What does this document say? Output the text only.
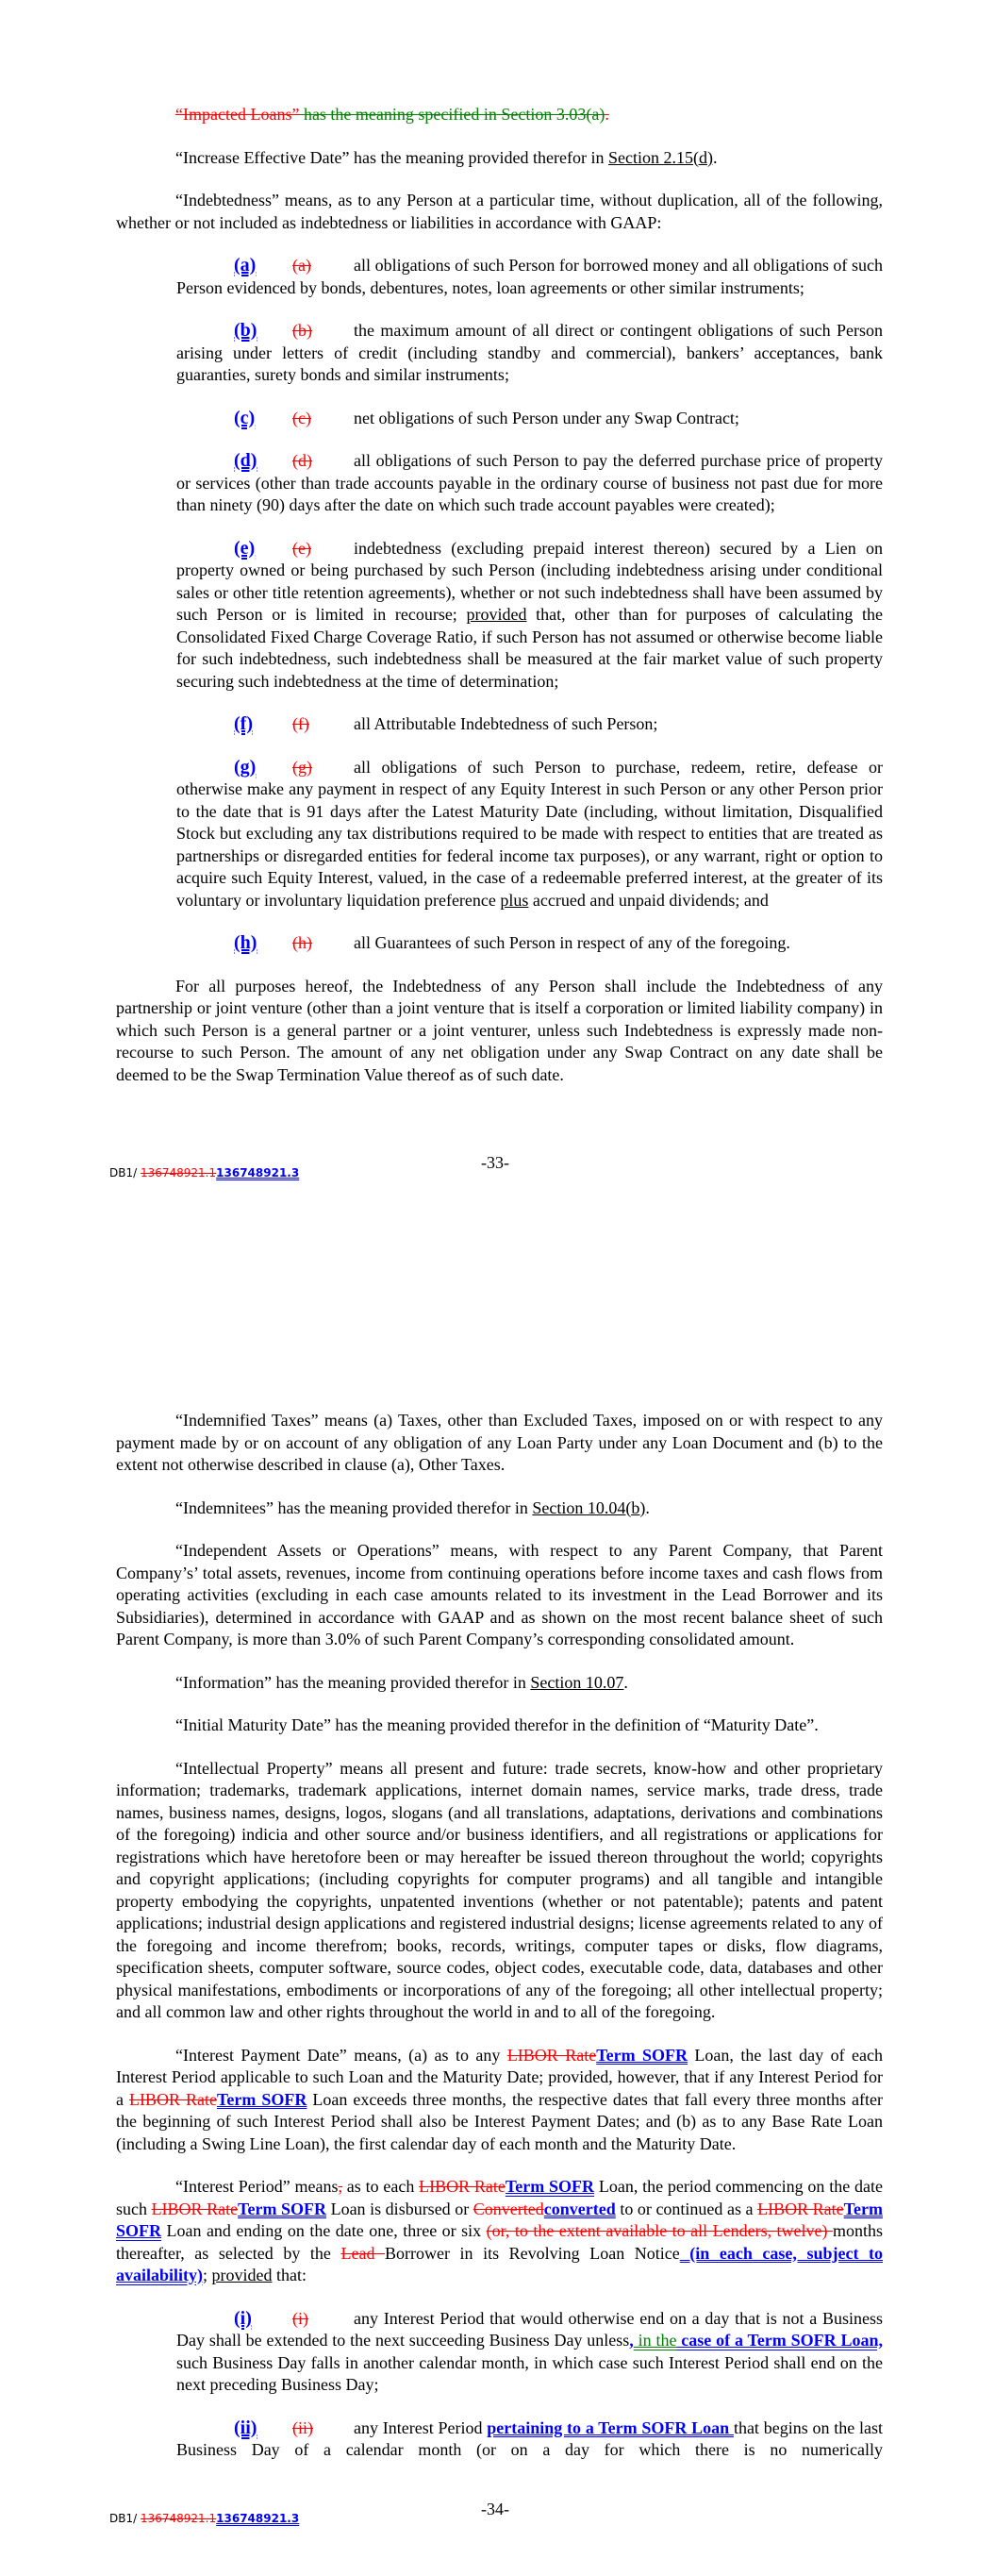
“Impacted Loans” has the meaning specified in Section 3.03(a).

“Increase Effective Date” has the meaning provided therefor in Section 2.15(d).

“Indebtedness” means, as to any Person at a particular time, without duplication, all of the following, whether or not included as indebtedness or liabilities in accordance with GAAP:

(a) (a)	all obligations of such Person for borrowed money and all obligations of such Person evidenced by bonds, debentures, notes, loan agreements or other similar instruments;

(b) (b) the maximum amount of all direct or contingent obligations of such Person arising under letters of credit (including standby and commercial), bankers’ acceptances, bank guaranties, surety bonds and similar instruments;

(c) (c)	net obligations of such Person under any Swap Contract;

(d) (d) all obligations of such Person to pay the deferred purchase price of property or services (other than trade accounts payable in the ordinary course of business not past due for more than ninety (90) days after the date on which such trade account payables were created);

(e) (e)	indebtedness (excluding prepaid interest thereon) secured by a Lien on property owned or being purchased by such Person (including indebtedness arising under conditional sales or other title retention agreements), whether or not such indebtedness shall have been assumed by such Person or is limited in recourse; provided that, other than for purposes of calculating the Consolidated Fixed Charge Coverage Ratio, if such Person has not assumed or otherwise become liable for such indebtedness, such indebtedness shall be measured at the fair market value of such property securing such indebtedness at the time of determination;

(f) (f)	all Attributable Indebtedness of such Person;

(g) (g) all obligations of such Person to purchase, redeem, retire, defease or otherwise make any payment in respect of any Equity Interest in such Person or any other Person prior to the date that is 91 days after the Latest Maturity Date (including, without limitation, Disqualified Stock but excluding any tax distributions required to be made with respect to entities that are treated as partnerships or disregarded entities for federal income tax purposes), or any warrant, right or option to acquire such Equity Interest, valued, in the case of a redeemable preferred interest, at the greater of its voluntary or involuntary liquidation preference plus accrued and unpaid dividends; and

(h) (h) all Guarantees of such Person in respect of any of the foregoing.

For all purposes hereof, the Indebtedness of any Person shall include the Indebtedness of any partnership or joint venture (other than a joint venture that is itself a corporation or limited liability company) in which such Person is a general partner or a joint venturer, unless such Indebtedness is expressly made non-recourse to such Person. The amount of any net obligation under any Swap Contract on any date shall be deemed to be the Swap Termination Value thereof as of such date.

DB1/ 136748921.1136748921.3
-33-

“Indemnified Taxes” means (a) Taxes, other than Excluded Taxes, imposed on or with respect to any payment made by or on account of any obligation of any Loan Party under any Loan Document and (b) to the extent not otherwise described in clause (a), Other Taxes.

“Indemnitees” has the meaning provided therefor in Section 10.04(b).

“Independent Assets or Operations” means, with respect to any Parent Company, that Parent Company’s’ total assets, revenues, income from continuing operations before income taxes and cash flows from operating activities (excluding in each case amounts related to its investment in the Lead Borrower and its Subsidiaries), determined in accordance with GAAP and as shown on the most recent balance sheet of such Parent Company, is more than 3.0% of such Parent Company’s corresponding consolidated amount.

“Information” has the meaning provided therefor in Section 10.07.

“Initial Maturity Date” has the meaning provided therefor in the definition of “Maturity Date”.

“Intellectual Property” means all present and future: trade secrets, know-how and other proprietary information; trademarks, trademark applications, internet domain names, service marks, trade dress, trade names, business names, designs, logos, slogans (and all translations, adaptations, derivations and combinations of the foregoing) indicia and other source and/or business identifiers, and all registrations or applications for registrations which have heretofore been or may hereafter be issued thereon throughout the world; copyrights and copyright applications; (including copyrights for computer programs) and all tangible and intangible property embodying the copyrights, unpatented inventions (whether or not patentable); patents and patent applications; industrial design applications and registered industrial designs; license agreements related to any of the foregoing and income therefrom; books, records, writings, computer tapes or disks, flow diagrams, specification sheets, computer software, source codes, object codes, executable code, data, databases and other physical manifestations, embodiments or incorporations of any of the foregoing; all other intellectual property; and all common law and other rights throughout the world in and to all of the foregoing.

“Interest Payment Date” means, (a) as to any LIBOR RateTerm SOFR Loan, the last day of each Interest Period applicable to such Loan and the Maturity Date; provided, however, that if any Interest Period for a LIBOR RateTerm SOFR Loan exceeds three months, the respective dates that fall every three months after the beginning of such Interest Period shall also be Interest Payment Dates; and (b) as to any Base Rate Loan (including a Swing Line Loan), the first calendar day of each month and the Maturity Date.

“Interest Period” means, as to each LIBOR RateTerm SOFR Loan, the period commencing on the date such LIBOR RateTerm SOFR Loan is disbursed or Convertedconverted to or continued as a LIBOR RateTerm SOFR Loan and ending on the date one, three or six (or, to the extent available to all Lenders, twelve) months thereafter, as selected by the Lead Borrower in its Revolving Loan Notice (in each case, subject to availability); provided that:

(i) (i)	any Interest Period that would otherwise end on a day that is not a Business Day shall be extended to the next succeeding Business Day unless, in the case of a Term SOFR Loan, such Business Day falls in another calendar month, in which case such Interest Period shall end on the next preceding Business Day;

(ii) (ii) any Interest Period pertaining to a Term SOFR Loan that begins on the last Business Day of a calendar month (or on a day for which there is no numerically

DB1/ 136748921.1136748921.3	-34-
